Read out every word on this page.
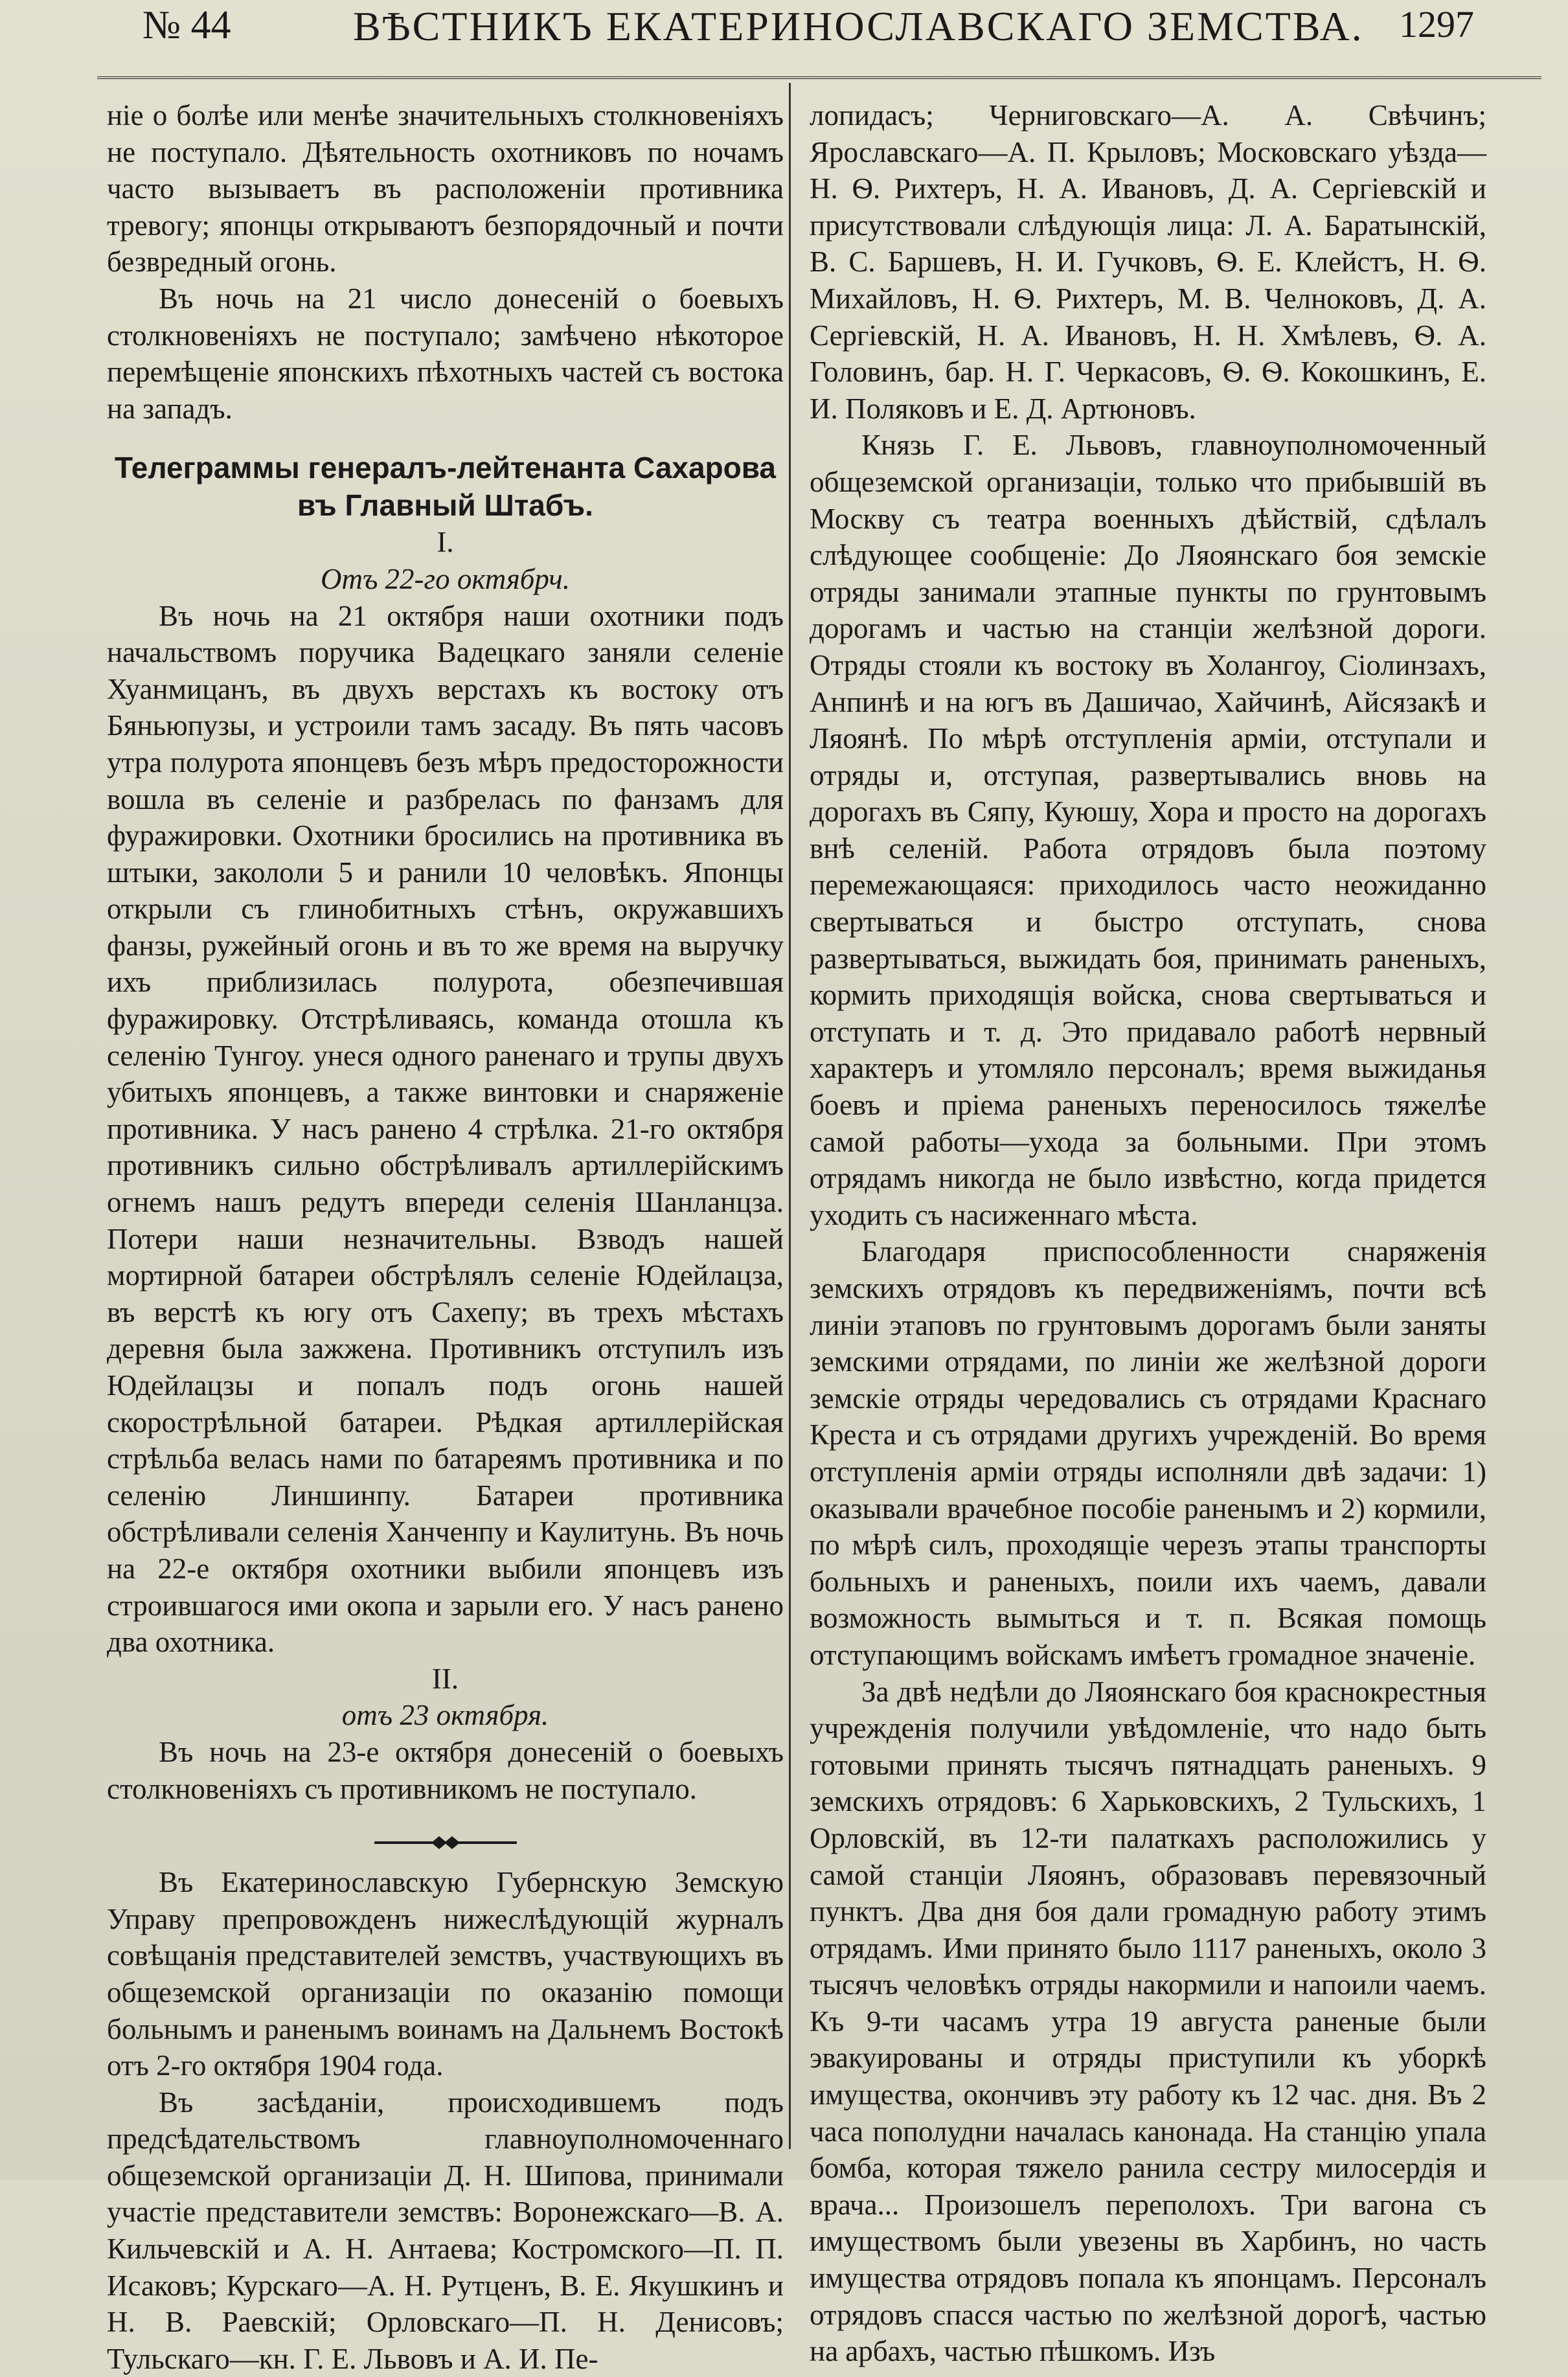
№ 44	ВѢСТНИКЪ ЕКАТЕРИНОСЛАВСКАГО ЗЕМСТВА. 1297

ніе о болѣе или менѣе значительныхъ столкновеніяхъ не поступало. Дѣятельность охотниковъ по ночамъ часто вызываетъ въ расположеніи противника тревогу; японцы открываютъ безпорядочный и почти безвредный огонь.

Въ ночь на 21 число донесеній о боевыхъ столкновеніяхъ не поступало; замѣчено нѣкоторое перемѣщеніе японскихъ пѣхотныхъ частей съ востока на западъ.

Телеграммы генералъ-лейтенанта Сахарова въ Главный Штабъ.

I.

Отъ 22-го октябрч.

Въ ночь на 21 октября наши охотники подъ начальствомъ поручика Вадецкаго заняли селеніе Хуанмицанъ, въ двухъ верстахъ къ востоку отъ Бяньюпузы, и устроили тамъ засаду. Въ пять часовъ утра полурота японцевъ безъ мѣръ предосторожности вошла въ селеніе и разбрелась по фанзамъ для фуражировки. Охотники бросились на противника въ штыки, закололи 5 и ранили 10 человѣкъ. Японцы открыли съ глинобитныхъ стѣнъ, окружавшихъ фанзы, ружейный огонь и въ то же время на выручку ихъ приблизилась полурота, обезпечившая фуражировку. Отстрѣливаясь, команда отошла къ селенію Тунгоу. унеся одного раненаго и трупы двухъ убитыхъ японцевъ, а также винтовки и снаряженіе противника. У насъ ранено 4 стрѣлка. 21-го октября противникъ сильно обстрѣливалъ артиллерійскимъ огнемъ нашъ редутъ впереди селенія Шанланцза. Потери наши незначительны. Взводъ нашей мортирной батареи обстрѣлялъ селеніе Юдейлацза, въ верстѣ къ югу отъ Сахепу; въ трехъ мѣстахъ деревня была зажжена. Противникъ отступилъ изъ Юдейлацзы и попалъ подъ огонь нашей скорострѣльной батареи. Рѣдкая артиллерійская стрѣльба велась нами по батареямъ противника и по селенію Линшинпу. Батареи противника обстрѣливали селенія Ханченпу и Каулитунь. Въ ночь на 22-е октября охотники выбили японцевъ изъ строившагося ими окопа и зарыли его. У насъ ранено два охотника.

II.

отъ 23 октября.

Въ ночь на 23-е октября донесеній о боевыхъ столкновеніяхъ съ противникомъ не поступало.

Въ Екатеринославскую Губернскую Земскую Управу препровожденъ нижеслѣдующій журналъ совѣщанія представителей земствъ, участвующихъ въ общеземской организаціи по оказанію помощи больнымъ и раненымъ воинамъ на Дальнемъ Востокѣ отъ 2-го октября 1904 года.

Въ засѣданіи, происходившемъ подъ предсѣдательствомъ главноуполномоченнаго общеземской организаціи Д. Н. Шипова, принимали участіе представители земствъ: Воронежскаго—В. А. Кильчевскій и А. Н. Антаева; Костромского—П. П. Исаковъ; Курскаго—А. Н. Рутценъ, В. Е. Якушкинъ и Н. В. Раевскій; Орловскаго—П. Н. Денисовъ; Тульскаго—кн. Г. Е. Львовъ и А. И. Пе-

лопидасъ; Черниговскаго—А. А. Свѣчинъ; Ярославскаго—А. П. Крыловъ; Московскаго уѣзда—Н. Ѳ. Рихтеръ, Н. А. Ивановъ, Д. А. Сергіевскій и присутствовали слѣдующія лица: Л. А. Баратынскій, В. С. Баршевъ, Н. И. Гучковъ, Ѳ. Е. Клейстъ, Н. Ѳ. Михайловъ, Н. Ѳ. Рихтеръ, М. В. Челноковъ, Д. А. Сергіевскій, Н. А. Ивановъ, Н. Н. Хмѣлевъ, Ѳ. А. Головинъ, бар. Н. Г. Черкасовъ, Ѳ. Ѳ. Кокошкинъ, Е. И. Поляковъ и Е. Д. Артюновъ.

Князь Г. Е. Львовъ, главноуполномоченный общеземской организаціи, только что прибывшій въ Москву съ театра военныхъ дѣйствій, сдѣлалъ слѣдующее сообщеніе: До Ляоянскаго боя земскіе отряды занимали этапные пункты по грунтовымъ дорогамъ и частью на станціи желѣзной дороги. Отряды стояли къ востоку въ Холангоу, Сіолинзахъ, Анпинѣ и на югъ въ Дашичао, Хайчинѣ, Айсязакѣ и Ляоянѣ. По мѣрѣ отступленія арміи, отступали и отряды и, отступая, развертывались вновь на дорогахъ въ Сяпу, Куюшу, Хора и просто на дорогахъ внѣ селеній. Работа отрядовъ была поэтому перемежающаяся: приходилось часто неожиданно свертываться и быстро отступать, снова развертываться, выжидать боя, принимать раненыхъ, кормить приходящія войска, снова свертываться и отступать и т. д. Это придавало работѣ нервный характеръ и утомляло персоналъ; время выжиданья боевъ и пріема раненыхъ переносилось тяжелѣе самой работы—ухода за больными. При этомъ отрядамъ никогда не было извѣстно, когда придется уходить съ насиженнаго мѣста.

Благодаря приспособленности снаряженія земскихъ отрядовъ къ передвиженіямъ, почти всѣ линіи этаповъ по грунтовымъ дорогамъ были заняты земскими отрядами, по линіи же желѣзной дороги земскіе отряды чередовались съ отрядами Краснаго Креста и съ отрядами другихъ учрежденій. Во время отступленія арміи отряды исполняли двѣ задачи: 1) оказывали врачебное пособіе раненымъ и 2) кормили, по мѣрѣ силъ, проходящіе черезъ этапы транспорты больныхъ и раненыхъ, поили ихъ чаемъ, давали возможность вымыться и т. п. Всякая помощь отступающимъ войскамъ имѣетъ громадное значеніе.

За двѣ недѣли до Ляоянскаго боя краснокрестныя учрежденія получили увѣдомленіе, что надо быть готовыми принять тысячъ пятнадцать раненыхъ. 9 земскихъ отрядовъ: 6 Харьковскихъ, 2 Тульскихъ, 1 Орловскій, въ 12-ти палаткахъ расположились у самой станціи Ляоянъ, образовавъ перевязочный пунктъ. Два дня боя дали громадную работу этимъ отрядамъ. Ими принято было 1117 раненыхъ, около 3 тысячъ человѣкъ отряды накормили и напоили чаемъ. Къ 9-ти часамъ утра 19 августа раненые были эвакуированы и отряды приступили къ уборкѣ имущества, окончивъ эту работу къ 12 час. дня. Въ 2 часа пополудни началась канонада. На станцію упала бомба, которая тяжело ранила сестру милосердія и врача... Произошелъ переполохъ. Три вагона съ имуществомъ были увезены въ Харбинъ, но часть имущества отрядовъ попала къ японцамъ. Персоналъ отрядовъ спасся частью по желѣзной дорогѣ, частью на арбахъ, частью пѣшкомъ. Изъ
